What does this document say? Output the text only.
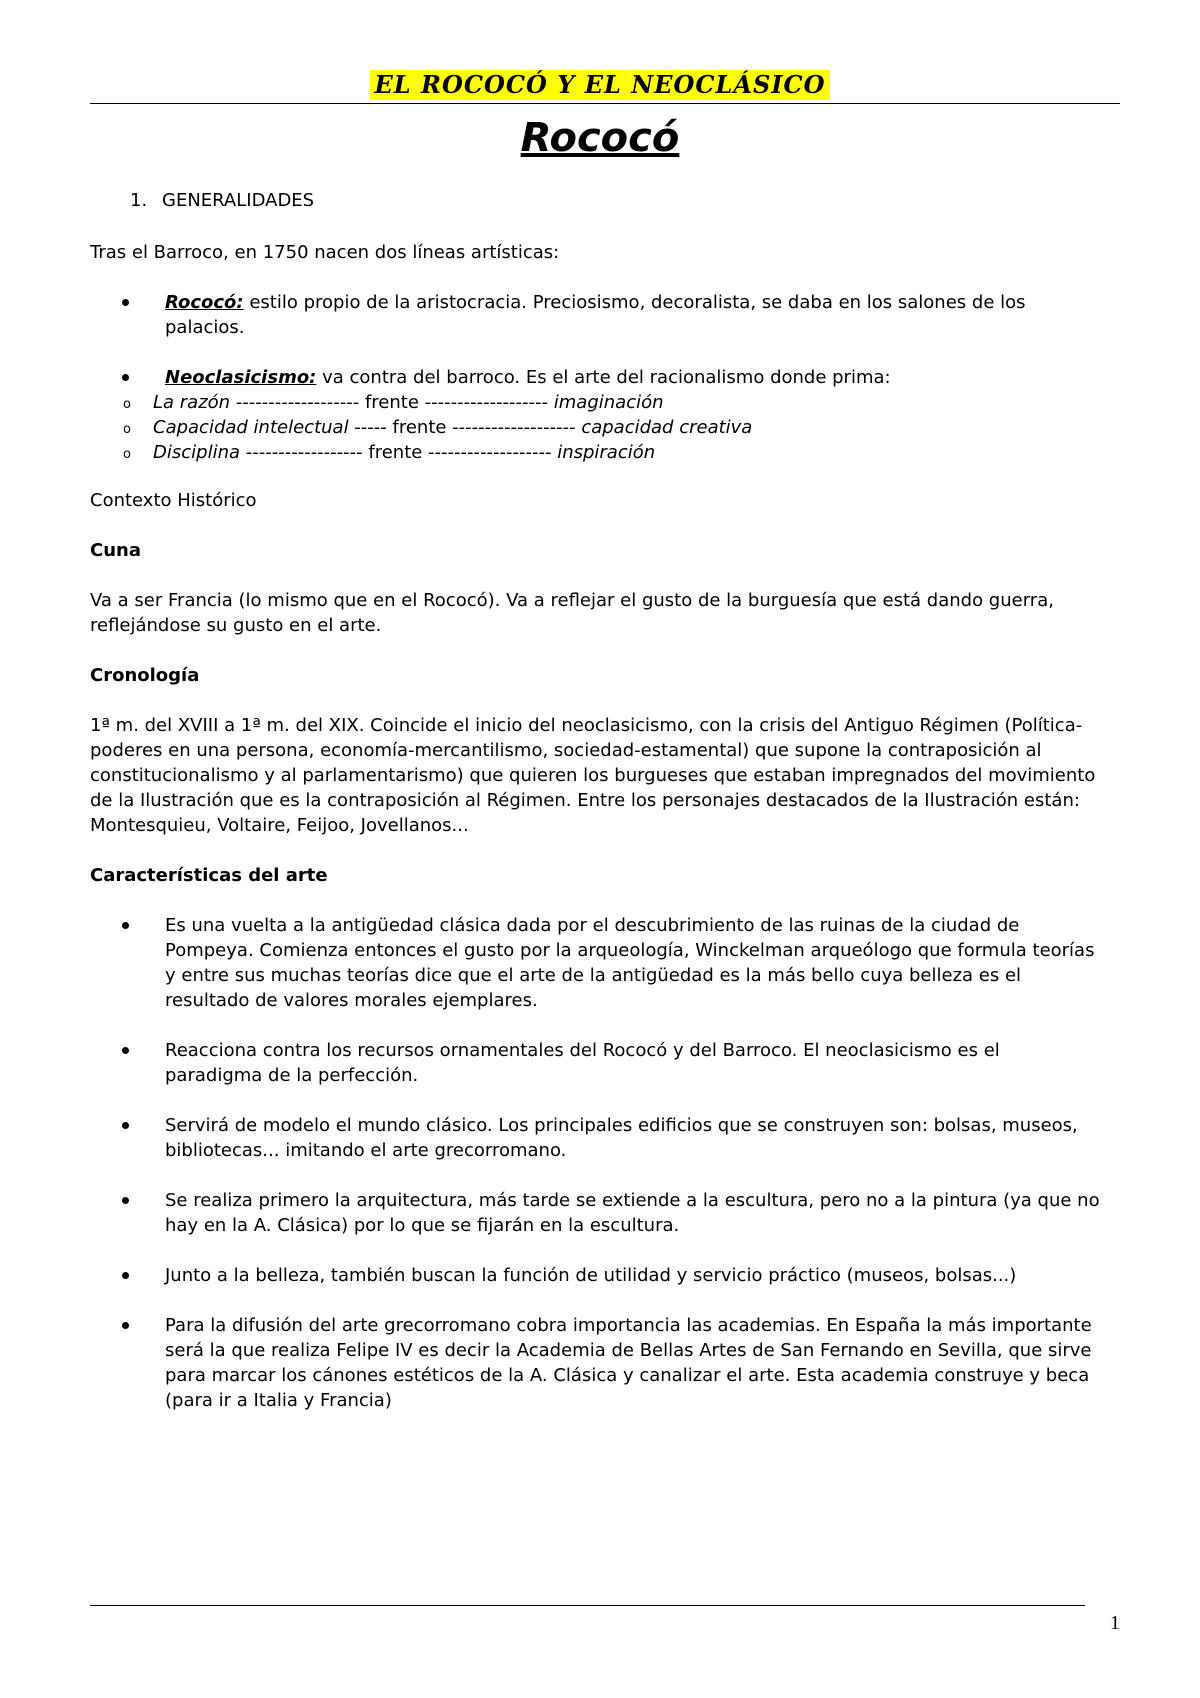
EL ROCOCÓ Y EL NEOCLÁSICO
Rococó
1. GENERALIDADES

Tras el Barroco, en 1750 nacen dos líneas artísticas:

Rococó: estilo propio de la aristocracia. Preciosismo, decoralista, se daba en los salones de los palacios.
Neoclasicismo: va contra del barroco. Es el arte del racionalismo donde prima:
o La razón ------------------- frente ------------------- imaginación
o Capacidad intelectual ----- frente ------------------- capacidad creativa
o Disciplina ------------------ frente ------------------- inspiración

Contexto Histórico

Cuna

Va a ser Francia (lo mismo que en el Rococó). Va a reflejar el gusto de la burguesía que está dando guerra, reflejándose su gusto en el arte.

Cronología

1ª m. del XVIII a 1ª m. del XIX. Coincide el inicio del neoclasicismo, con la crisis del Antiguo Régimen (Política-poderes en una persona, economía-mercantilismo, sociedad-estamental) que supone la contraposición al constitucionalismo y al parlamentarismo) que quieren los burgueses que estaban impregnados del movimiento de la Ilustración que es la contraposición al Régimen. Entre los personajes destacados de la Ilustración están: Montesquieu, Voltaire, Feijoo, Jovellanos...

Características del arte

Es una vuelta a la antigüedad clásica dada por el descubrimiento de las ruinas de la ciudad de Pompeya. Comienza entonces el gusto por la arqueología, Winckelman arqueólogo que formula teorías y entre sus muchas teorías dice que el arte de la antigüedad es la más bello cuya belleza es el resultado de valores morales ejemplares.
Reacciona contra los recursos ornamentales del Rococó y del Barroco. El neoclasicismo es el paradigma de la perfección.
Servirá de modelo el mundo clásico. Los principales edificios que se construyen son: bolsas, museos, bibliotecas... imitando el arte grecorromano.
Se realiza primero la arquitectura, más tarde se extiende a la escultura, pero no a la pintura (ya que no hay en la A. Clásica) por lo que se fijarán en la escultura.
Junto a la belleza, también buscan la función de utilidad y servicio práctico (museos, bolsas...)
Para la difusión del arte grecorromano cobra importancia las academias. En España la más importante será la que realiza Felipe IV es decir la Academia de Bellas Artes de San Fernando en Sevilla, que sirve para marcar los cánones estéticos de la A. Clásica y canalizar el arte. Esta academia construye y beca (para ir a Italia y Francia)
1
